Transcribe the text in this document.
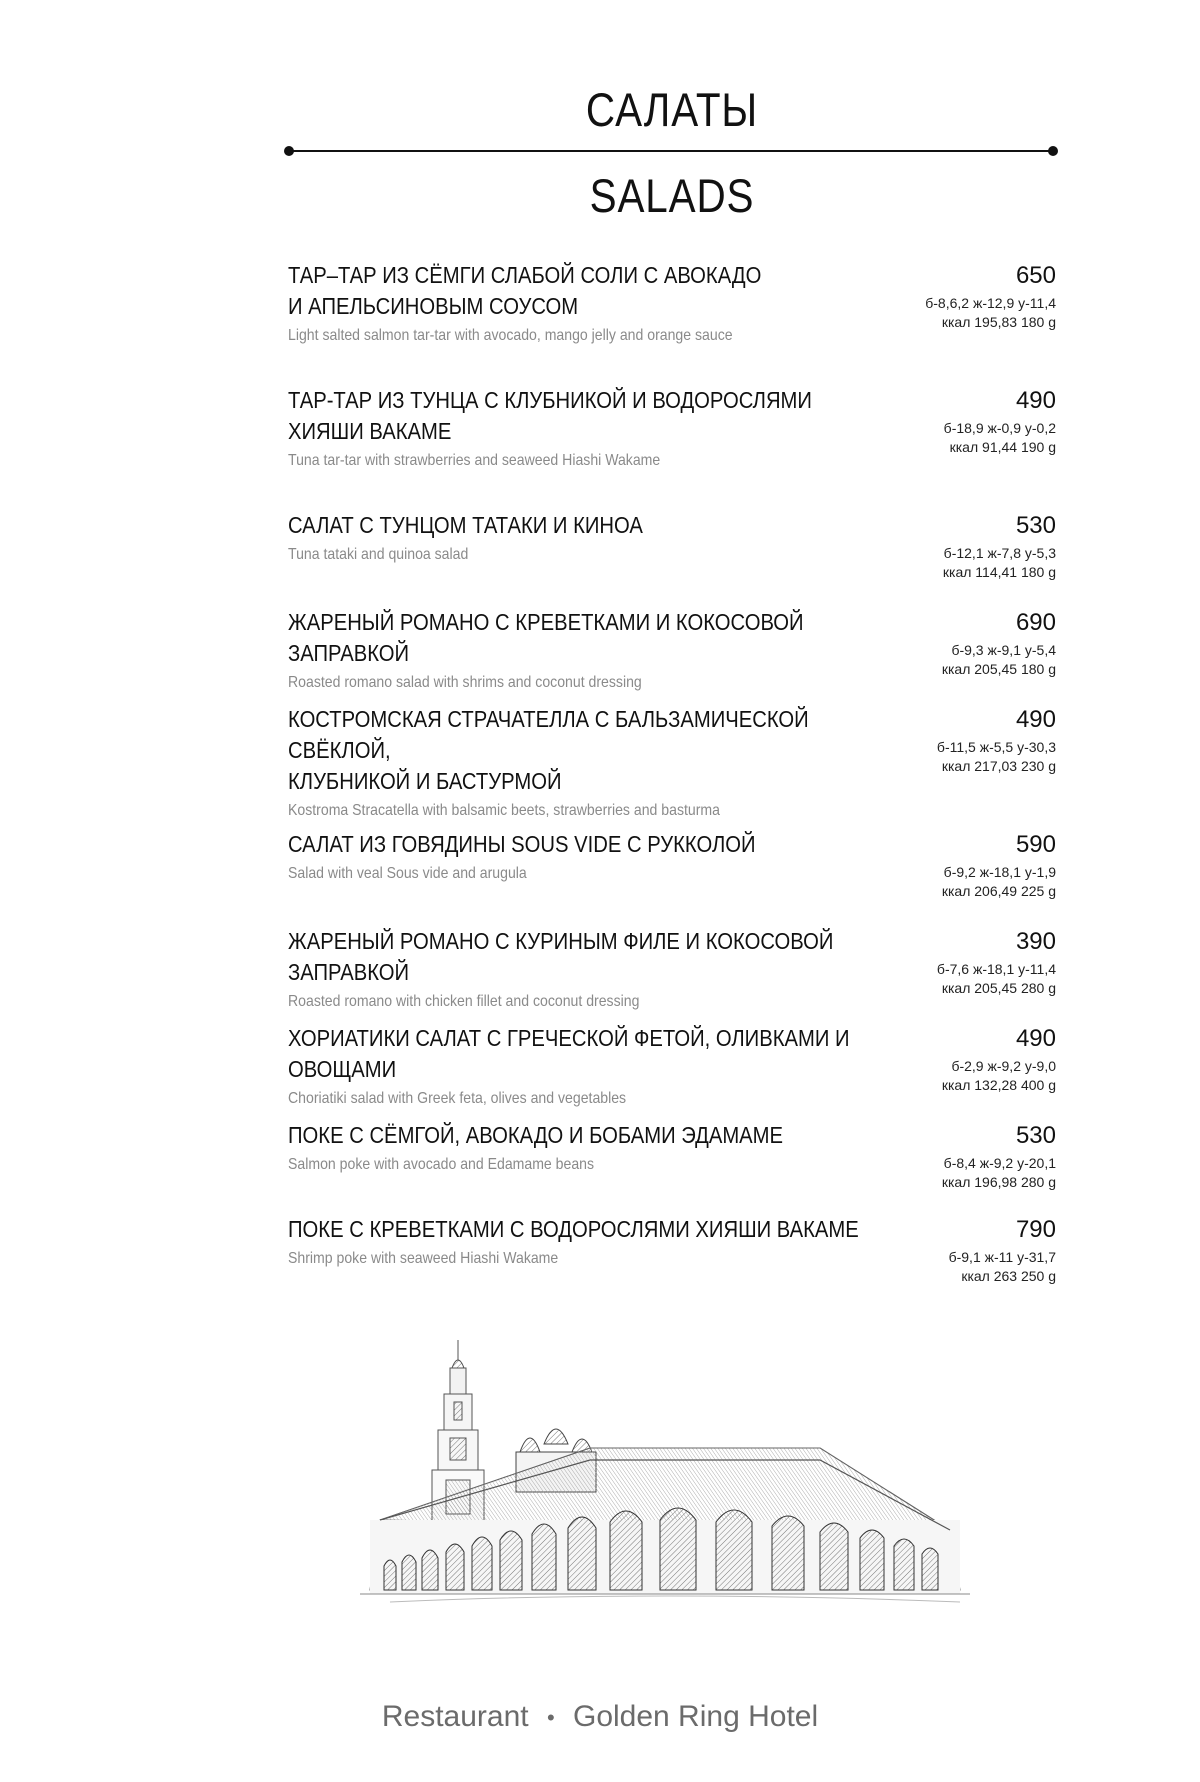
САЛАТЫ
SALADS
ТАР–ТАР ИЗ СЁМГИ СЛАБОЙ СОЛИ С АВОКАДО
И АПЕЛЬСИНОВЫМ СОУСОМ
Light salted salmon tar-tar with avocado, mango jelly and orange sauce
650
б-8,6,2 ж-12,9 у-11,4
ккал 195,83 180 g
ТАР-ТАР ИЗ ТУНЦА С КЛУБНИКОЙ И ВОДОРОСЛЯМИ
ХИЯШИ ВАКАМЕ
Tuna tar-tar with strawberries and seaweed Hiashi Wakame
490
б-18,9 ж-0,9 у-0,2
ккал 91,44 190 g
САЛАТ С ТУНЦОМ ТАТАКИ И КИНОА
Tuna tataki and quinoa salad
530
б-12,1 ж-7,8 у-5,3
ккал 114,41 180 g
ЖАРЕНЫЙ РОМАНО С КРЕВЕТКАМИ И КОКОСОВОЙ ЗАПРАВКОЙ
Roasted romano salad with shrims and coconut dressing
690
б-9,3 ж-9,1 у-5,4
ккал 205,45 180 g
КОСТРОМСКАЯ СТРАЧАТЕЛЛА С БАЛЬЗАМИЧЕСКОЙ СВЁКЛОЙ,
КЛУБНИКОЙ И БАСТУРМОЙ
Kostroma Stracatella with balsamic beets, strawberries and basturma
490
б-11,5 ж-5,5 у-30,3
ккал 217,03 230 g
САЛАТ ИЗ ГОВЯДИНЫ SOUS VIDE С РУККОЛОЙ
Salad with veal Sous vide and arugula
590
б-9,2 ж-18,1 у-1,9
ккал 206,49 225 g
ЖАРЕНЫЙ РОМАНО С КУРИНЫМ ФИЛЕ И КОКОСОВОЙ ЗАПРАВКОЙ
Roasted romano with chicken fillet and coconut dressing
390
б-7,6 ж-18,1 у-11,4
ккал 205,45 280 g
ХОРИАТИКИ САЛАТ С ГРЕЧЕСКОЙ ФЕТОЙ, ОЛИВКАМИ И ОВОЩАМИ
Choriatiki salad with Greek feta, olives and vegetables
490
б-2,9 ж-9,2 у-9,0
ккал 132,28 400 g
ПОКЕ С СЁМГОЙ, АВОКАДО И БОБАМИ ЭДАМАМЕ
Salmon poke with avocado and Edamame beans
530
б-8,4 ж-9,2 у-20,1
ккал 196,98 280 g
ПОКЕ С КРЕВЕТКАМИ С ВОДОРОСЛЯМИ ХИЯШИ ВАКАМЕ
Shrimp poke with seaweed Hiashi Wakame
790
б-9,1 ж-11 у-31,7
ккал 263 250 g
Restaurant • Golden Ring Hotel
